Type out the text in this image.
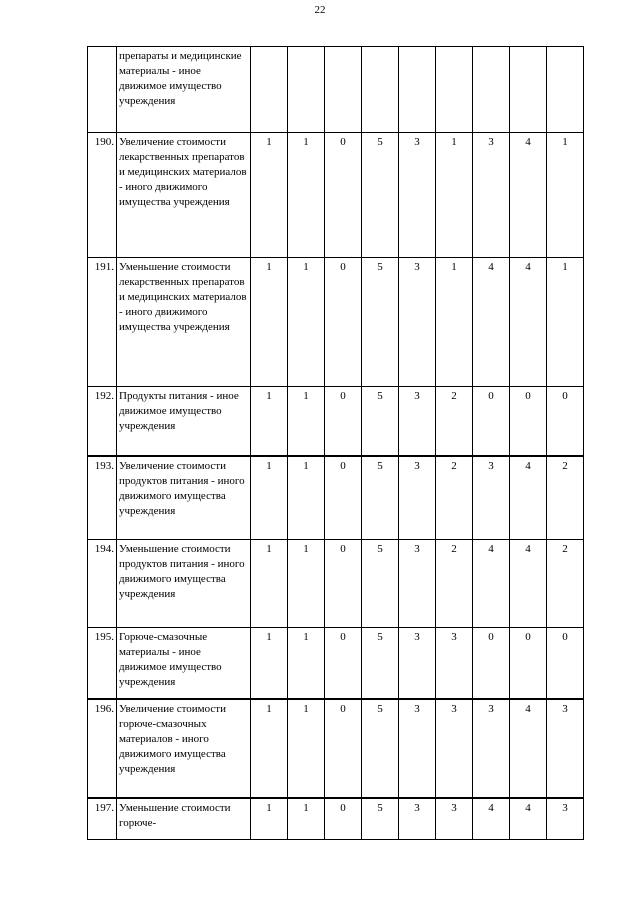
22
	препараты и медицинские материалы - иное движимое имущество учреждения									
190.	Увеличение стоимости лекарственных препаратов и медицинских материалов - иного движимого имущества учреждения	1	1	0	5	3	1	3	4	1
191.	Уменьшение стоимости лекарственных препаратов и медицинских материалов - иного движимого имущества учреждения	1	1	0	5	3	1	4	4	1
192.	Продукты питания - иное движимое имущество учреждения	1	1	0	5	3	2	0	0	0
193.	Увеличение стоимости продуктов питания - иного движимого имущества учреждения	1	1	0	5	3	2	3	4	2
194.	Уменьшение стоимости продуктов питания - иного движимого имущества учреждения	1	1	0	5	3	2	4	4	2
195.	Горюче-смазочные материалы - иное движимое имущество учреждения	1	1	0	5	3	3	0	0	0
196.	Увеличение стоимости горюче-смазочных материалов - иного движимого имущества учреждения	1	1	0	5	3	3	3	4	3
197.	Уменьшение стоимости горюче-	1	1	0	5	3	3	4	4	3
